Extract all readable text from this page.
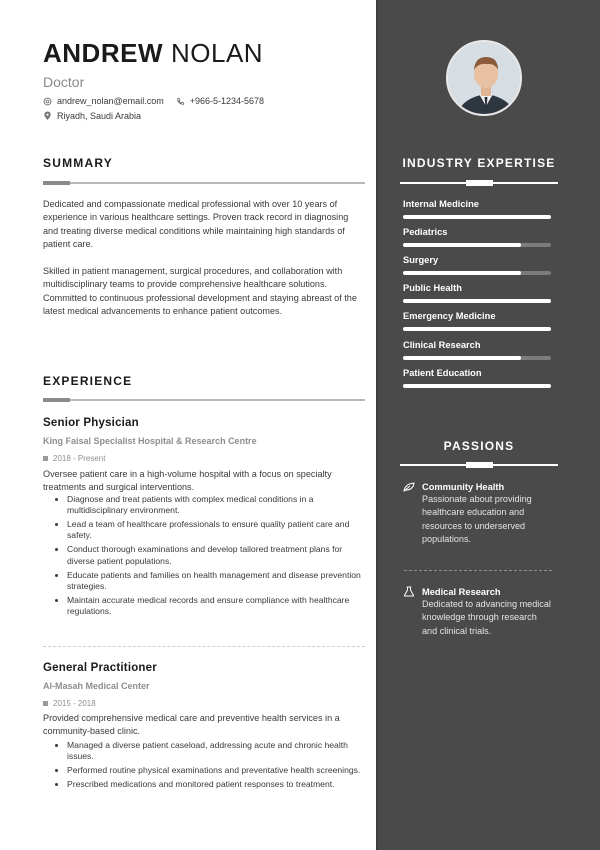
ANDREW NOLAN
Doctor
andrew_nolan@email.com	+966-5-1234-5678
Riyadh, Saudi Arabia
SUMMARY
Dedicated and compassionate medical professional with over 10 years of experience in various healthcare settings. Proven track record in diagnosing and treating diverse medical conditions while maintaining high standards of patient care.
Skilled in patient management, surgical procedures, and collaboration with multidisciplinary teams to provide comprehensive healthcare solutions. Committed to continuous professional development and staying abreast of the latest medical advancements to enhance patient outcomes.
EXPERIENCE
Senior Physician
King Faisal Specialist Hospital & Research Centre
2018 - Present
Oversee patient care in a high-volume hospital with a focus on specialty treatments and surgical interventions.
Diagnose and treat patients with complex medical conditions in a multidisciplinary environment.
Lead a team of healthcare professionals to ensure quality patient care and safety.
Conduct thorough examinations and develop tailored treatment plans for diverse patient populations.
Educate patients and families on health management and disease prevention strategies.
Maintain accurate medical records and ensure compliance with healthcare regulations.
General Practitioner
Al-Masah Medical Center
2015 - 2018
Provided comprehensive medical care and preventive health services in a community-based clinic.
Managed a diverse patient caseload, addressing acute and chronic health issues.
Performed routine physical examinations and preventative health screenings.
Prescribed medications and monitored patient responses to treatment.
INDUSTRY EXPERTISE
Internal Medicine
Pediatrics
Surgery
Public Health
Emergency Medicine
Clinical Research
Patient Education
PASSIONS
Community Health
Passionate about providing healthcare education and resources to underserved populations.
Medical Research
Dedicated to advancing medical knowledge through research and clinical trials.
